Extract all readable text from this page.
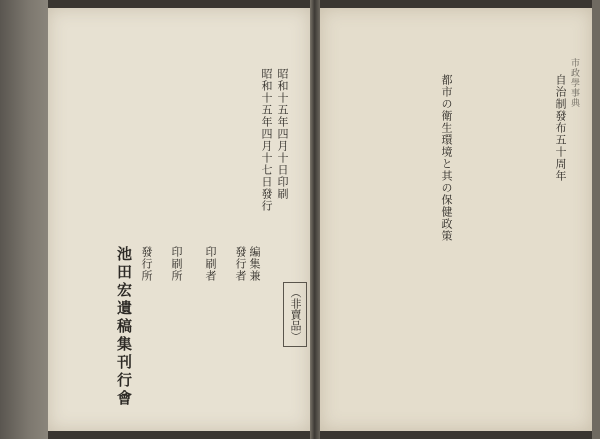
昭和十五年四月十日印刷
昭和十五年四月十七日發行
編集兼
發行者
印刷者
印刷所
發行所
池田宏遺稿集刊行會	（非賣品）
市政學事典
自治制發布五十周年
都市の衛生環境と其の保健政策
